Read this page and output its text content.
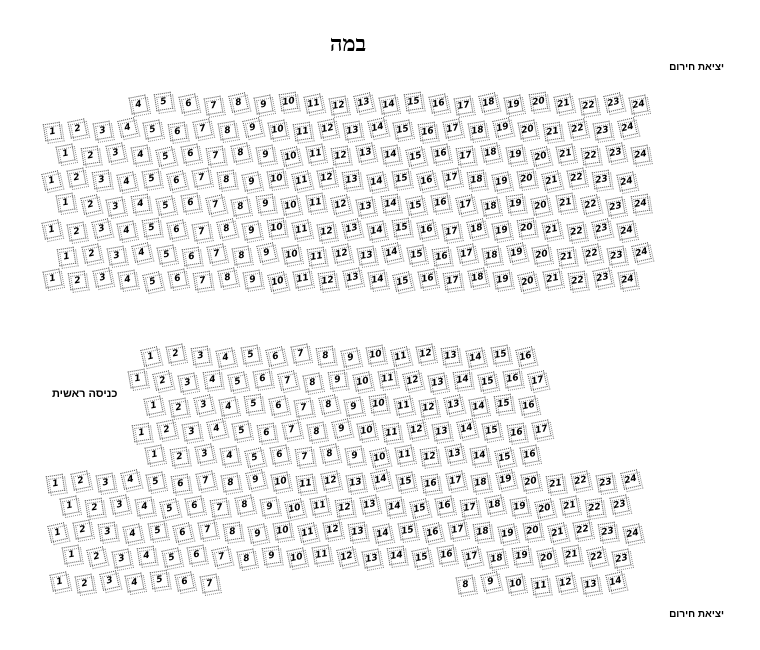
במה
יציאת חירום
כניסה ראשית
יציאת חירום
4	5	6	7	8	9	10	11	12	13	14	15	16	17	18	19	20	21	22	23	24
1	2	3	4	5	6	7	8	9	10	11	12	13	14	15	16	17	18	19	20	21	22	23	24
1	2	3	4	5	6	7	8	9	10	11	12	13	14	15	16	17	18	19	20	21	22	23	24
1	2	3	4	5	6	7	8	9	10	11	12	13	14	15	16	17	18	19	20	21	22	23	24
1	2	3	4	5	6	7	8	9	10	11	12	13	14	15	16	17	18	19	20	21	22	23	24
1	2	3	4	5	6	7	8	9	10	11	12	13	14	15	16	17	18	19	20	21	22	23	24
1	2	3	4	5	6	7	8	9	10	11	12	13	14	15	16	17	18	19	20	21	22	23	24
1	2	3	4	5	6	7	8	9	10	11	12	13	14	15	16	17	18	19	20	21	22	23	24
1	2	3	4	5	6	7	8	9	10	11	12	13	14	15	16
1	2	3	4	5	6	7	8	9	10	11	12	13	14	15	16	17
1	2	3	4	5	6	7	8	9	10	11	12	13	14	15	16
1	2	3	4	5	6	7	8	9	10	11	12	13	14	15	16	17
1	2	3	4	5	6	7	8	9	10	11	12	13	14	15	16
1	2	3	4	5	6	7	8	9	10	11	12	13	14	15	16	17	18	19	20	21	22	23	24
1	2	3	4	5	6	7	8	9	10	11	12	13	14	15	16	17	18	19	20	21	22	23
1	2	3	4	5	6	7	8	9	10	11	12	13	14	15	16	17	18	19	20	21	22	23	24
1	2	3	4	5	6	7	8	9	10	11	12	13	14	15	16	17	18	19	20	21	22	23
1	2	3	4	5	6	7	8	9	10	11	12	13	14
